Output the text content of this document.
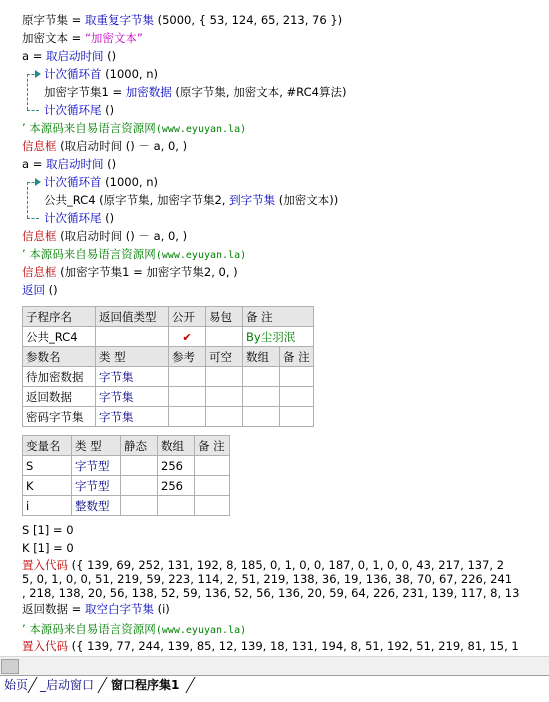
原字节集 = 取重复字节集 (5000, { 53, 124, 65, 213, 76 })
加密文本 = “加密文本”
a = 取启动时间 ()
计次循环首 (1000, n)
加密字节集1 = 加密数据 (原字节集, 加密文本, #RC4算法)
计次循环尾 ()
’ 本源码来自易语言资源网(www.eyuyan.la)
信息框 (取启动时间 () － a, 0, )
a = 取启动时间 ()
计次循环首 (1000, n)
公共_RC4 (原字节集, 加密字节集2, 到字节集 (加密文本))
计次循环尾 ()
信息框 (取启动时间 () － a, 0, )
’ 本源码来自易语言资源网(www.eyuyan.la)
信息框 (加密字节集1 = 加密字节集2, 0, )
返回 ()
子程序名	返回值类型	公开	易包	备 注	
公共_RC4		✔		By尘羽泯	
参数名	类 型	参考	可空	数组	备 注
待加密数据	字节集				
返回数据	字节集				
密码字节集	字节集				
变量名	类 型	静态	数组	备 注
S	字节型		256	
K	字节型		256	
i	整数型			
S [1] = 0
K [1] = 0
置入代码 ({ 139, 69, 252, 131, 192, 8, 185, 0, 1, 0, 0, 187, 0, 1, 0, 0, 43, 217, 137, 2
5, 0, 1, 0, 0, 51, 219, 59, 223, 114, 2, 51, 219, 138, 36, 19, 136, 38, 70, 67, 226, 241
, 218, 138, 20, 56, 138, 52, 59, 136, 52, 56, 136, 20, 59, 64, 226, 231, 139, 117, 8, 13
返回数据 = 取空白字节集 (i)
’ 本源码来自易语言资源网(www.eyuyan.la)
置入代码 ({ 139, 77, 244, 139, 85, 12, 139, 18, 131, 194, 8, 51, 192, 51, 219, 81, 15, 1
始页 _启动窗口	窗口程序集1
